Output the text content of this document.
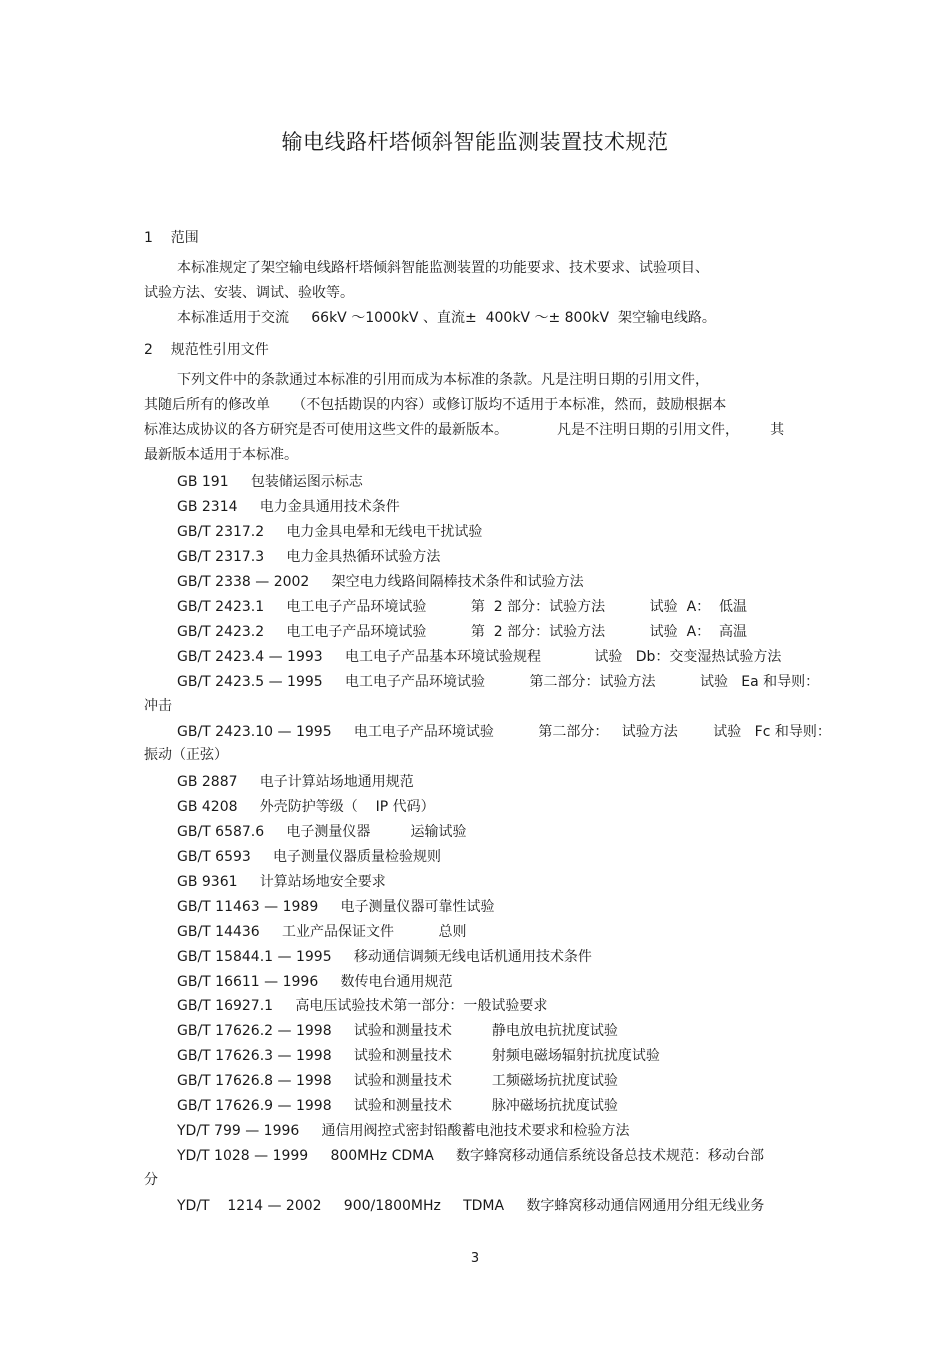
输电线路杆塔倾斜智能监测装置技术规范
1    范围
本标准规定了架空输电线路杆塔倾斜智能监测装置的功能要求、技术要求、试验项目、
试验方法、安装、调试、验收等。
本标准适用于交流     66kV ～1000kV 、直流±  400kV ～± 800kV  架空输电线路。
2    规范性引用文件
下列文件中的条款通过本标准的引用而成为本标准的条款。凡是注明日期的引用文件，
其随后所有的修改单     （不包括勘误的内容）或修订版均不适用于本标准，然而，鼓励根据本
标准达成协议的各方研究是否可使用这些文件的最新版本。           凡是不注明日期的引用文件，       其
最新版本适用于本标准。
GB 191     包装储运图示标志
GB 2314     电力金具通用技术条件
GB/T 2317.2     电力金具电晕和无线电干扰试验
GB/T 2317.3     电力金具热循环试验方法
GB/T 2338 — 2002     架空电力线路间隔棒技术条件和试验方法
GB/T 2423.1     电工电子产品环境试验          第  2 部分：试验方法          试验  A：  低温
GB/T 2423.2     电工电子产品环境试验          第  2 部分：试验方法          试验  A：  高温
GB/T 2423.4 — 1993     电工电子产品基本环境试验规程            试验   Db：交变湿热试验方法
GB/T 2423.5 — 1995     电工电子产品环境试验          第二部分：试验方法          试验   Ea 和导则：
冲击
GB/T 2423.10 — 1995     电工电子产品环境试验          第二部分：   试验方法        试验   Fc 和导则：
振动（正弦）
GB 2887     电子计算站场地通用规范
GB 4208     外壳防护等级（    IP 代码）
GB/T 6587.6     电子测量仪器         运输试验
GB/T 6593     电子测量仪器质量检验规则
GB 9361     计算站场地安全要求
GB/T 11463 — 1989     电子测量仪器可靠性试验
GB/T 14436     工业产品保证文件          总则
GB/T 15844.1 — 1995     移动通信调频无线电话机通用技术条件
GB/T 16611 — 1996     数传电台通用规范
GB/T 16927.1     高电压试验技术第一部分：一般试验要求
GB/T 17626.2 — 1998     试验和测量技术         静电放电抗扰度试验
GB/T 17626.3 — 1998     试验和测量技术         射频电磁场辐射抗扰度试验
GB/T 17626.8 — 1998     试验和测量技术         工频磁场抗扰度试验
GB/T 17626.9 — 1998     试验和测量技术         脉冲磁场抗扰度试验
YD/T 799 — 1996     通信用阀控式密封铅酸蓄电池技术要求和检验方法
YD/T 1028 — 1999     800MHz CDMA     数字蜂窝移动通信系统设备总技术规范：移动台部
分
YD/T    1214 — 2002     900/1800MHz     TDMA     数字蜂窝移动通信网通用分组无线业务
3
